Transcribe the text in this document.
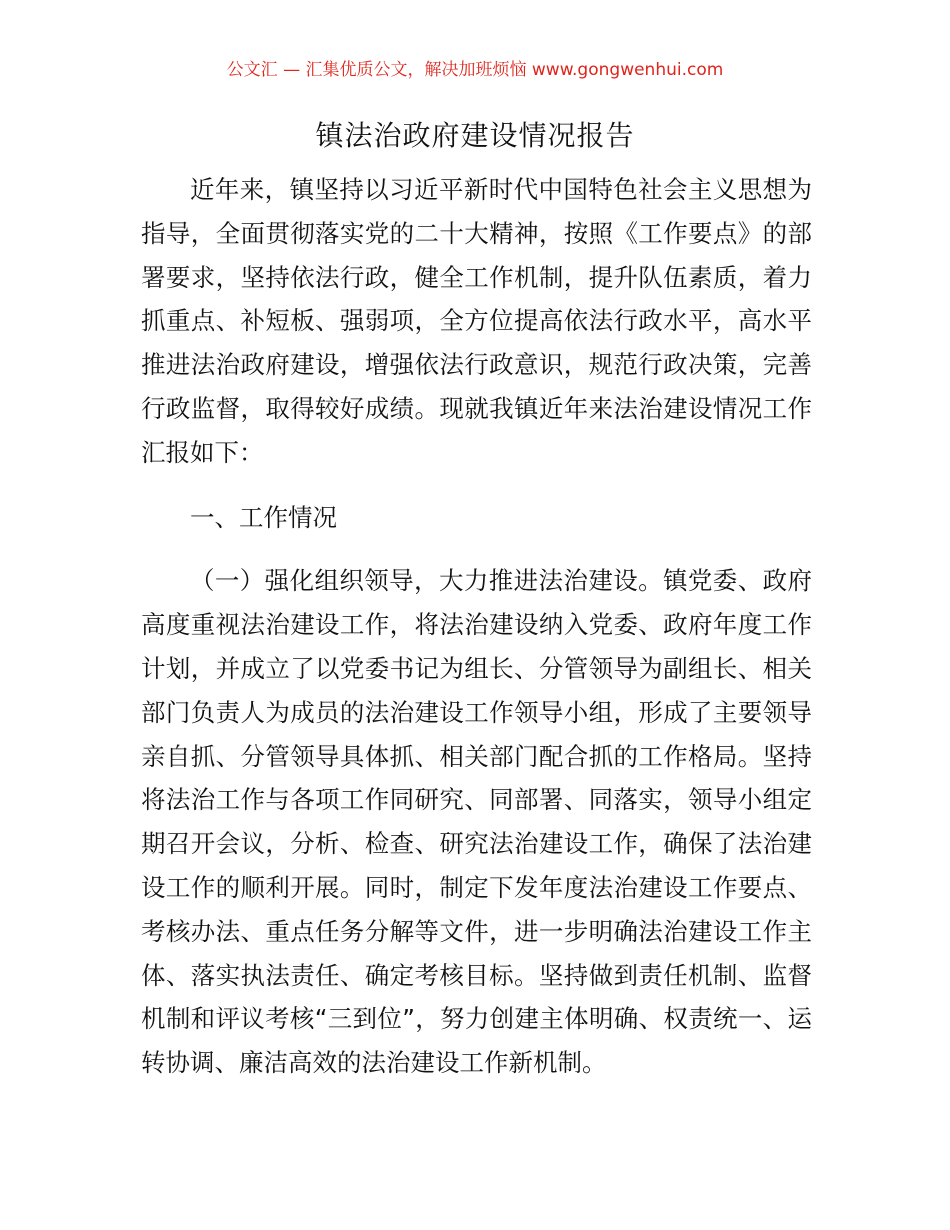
公文汇 — 汇集优质公文，解决加班烦恼 www.gongwenhui.com
镇法治政府建设情况报告

近年来，镇坚持以习近平新时代中国特色社会主义思想为指导，全面贯彻落实党的二十大精神，按照《工作要点》的部署要求，坚持依法行政，健全工作机制，提升队伍素质，着力抓重点、补短板、强弱项，全方位提高依法行政水平，高水平推进法治政府建设，增强依法行政意识，规范行政决策，完善行政监督，取得较好成绩。现就我镇近年来法治建设情况工作汇报如下：

一、工作情况

（一）强化组织领导，大力推进法治建设。镇党委、政府高度重视法治建设工作，将法治建设纳入党委、政府年度工作计划，并成立了以党委书记为组长、分管领导为副组长、相关部门负责人为成员的法治建设工作领导小组，形成了主要领导亲自抓、分管领导具体抓、相关部门配合抓的工作格局。坚持将法治工作与各项工作同研究、同部署、同落实，领导小组定期召开会议，分析、检查、研究法治建设工作，确保了法治建设工作的顺利开展。同时，制定下发年度法治建设工作要点、考核办法、重点任务分解等文件，进一步明确法治建设工作主体、落实执法责任、确定考核目标。坚持做到责任机制、监督机制和评议考核“三到位”，努力创建主体明确、权责统一、运转协调、廉洁高效的法治建设工作新机制。
